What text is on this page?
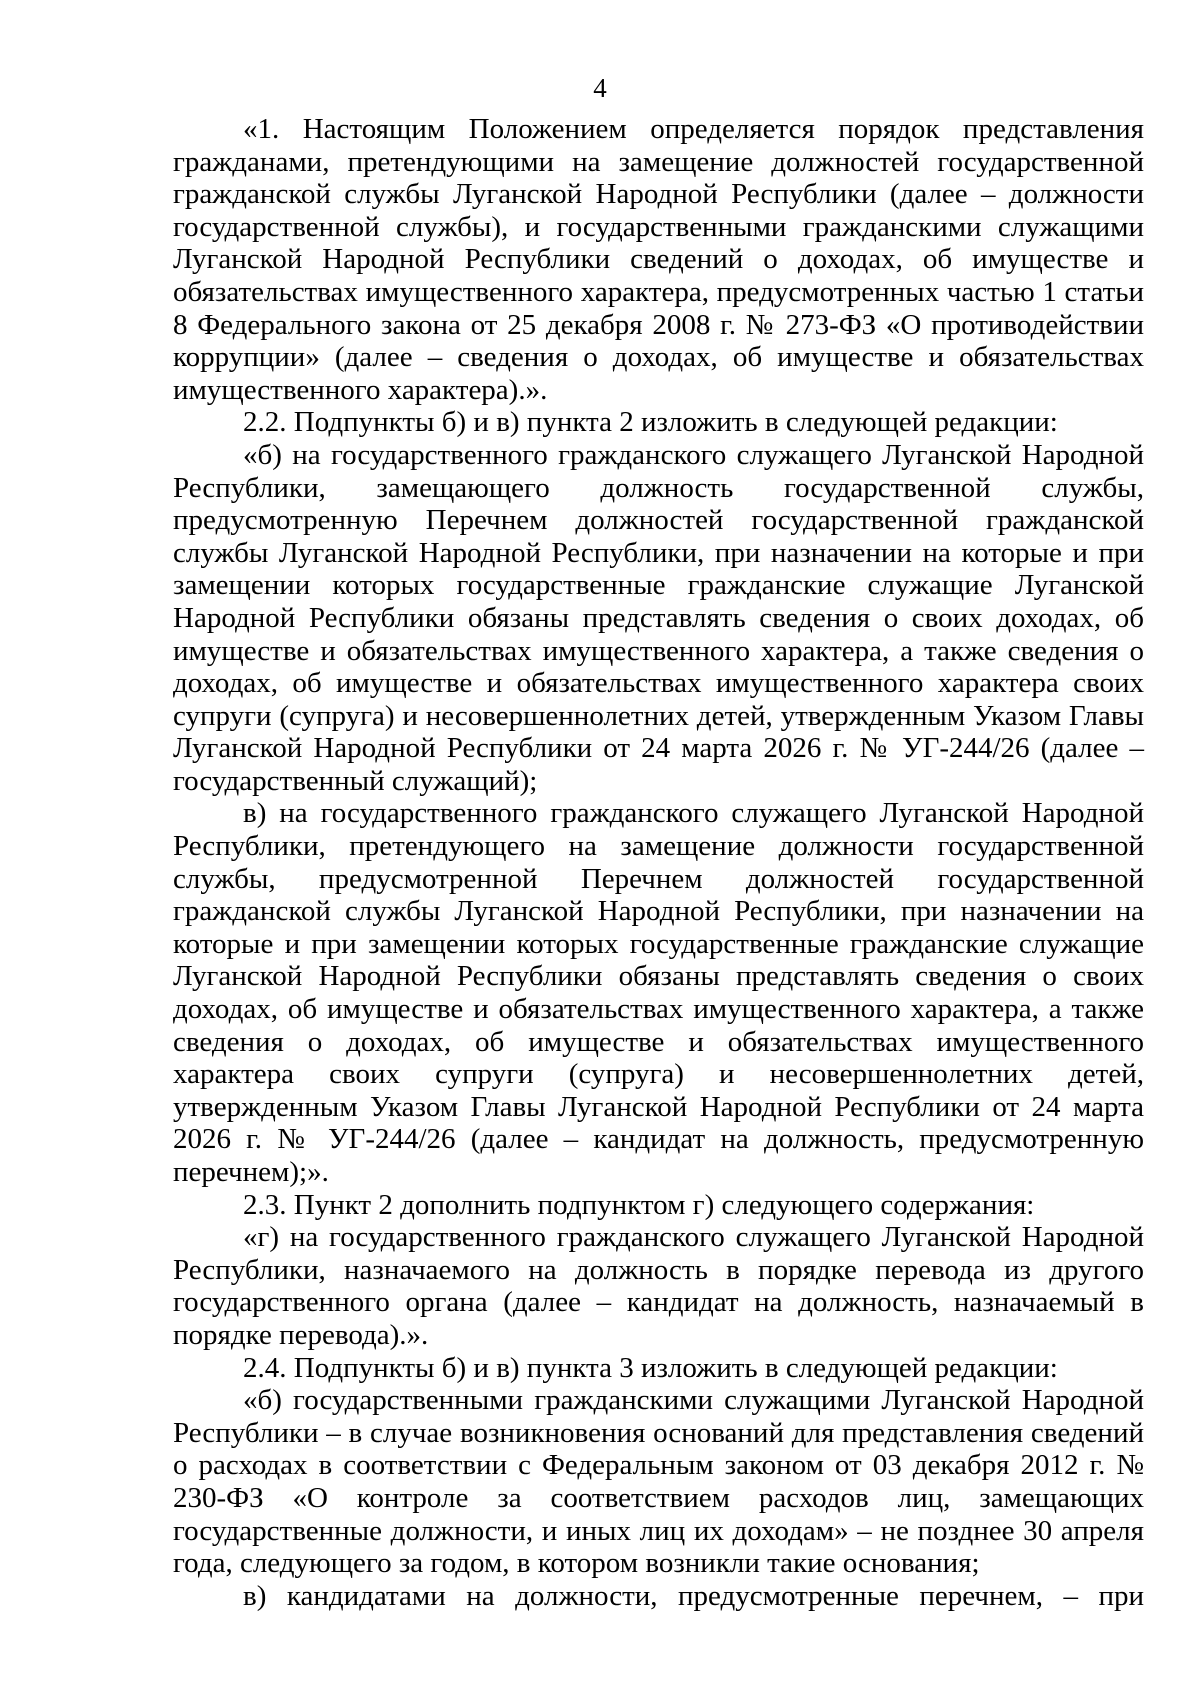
4

«1. Настоящим Положением определяется порядок представления гражданами, претендующими на замещение должностей государственной гражданской службы Луганской Народной Республики (далее – должности государственной службы), и государственными гражданскими служащими Луганской Народной Республики сведений о доходах, об имуществе и обязательствах имущественного характера, предусмотренных частью 1 статьи 8 Федерального закона от 25 декабря 2008 г. № 273-ФЗ «О противодействии коррупции» (далее – сведения о доходах, об имуществе и обязательствах имущественного характера).».

2.2. Подпункты б) и в) пункта 2 изложить в следующей редакции:

«б) на государственного гражданского служащего Луганской Народной Республики, замещающего должность государственной службы, предусмотренную Перечнем должностей государственной гражданской службы Луганской Народной Республики, при назначении на которые и при замещении которых государственные гражданские служащие Луганской Народной Республики обязаны представлять сведения о своих доходах, об имуществе и обязательствах имущественного характера, а также сведения о доходах, об имуществе и обязательствах имущественного характера своих супруги (супруга) и несовершеннолетних детей, утвержденным Указом Главы Луганской Народной Республики от 24 марта 2026 г. № УГ-244/26 (далее – государственный служащий);

в) на государственного гражданского служащего Луганской Народной Республики, претендующего на замещение должности государственной службы, предусмотренной Перечнем должностей государственной гражданской службы Луганской Народной Республики, при назначении на которые и при замещении которых государственные гражданские служащие Луганской Народной Республики обязаны представлять сведения о своих доходах, об имуществе и обязательствах имущественного характера, а также сведения о доходах, об имуществе и обязательствах имущественного характера своих супруги (супруга) и несовершеннолетних детей, утвержденным Указом Главы Луганской Народной Республики от 24 марта 2026 г. № УГ-244/26 (далее – кандидат на должность, предусмотренную перечнем);».

2.3. Пункт 2 дополнить подпунктом г) следующего содержания:

«г) на государственного гражданского служащего Луганской Народной Республики, назначаемого на должность в порядке перевода из другого государственного органа (далее – кандидат на должность, назначаемый в порядке перевода).».

2.4. Подпункты б) и в) пункта 3 изложить в следующей редакции:

«б) государственными гражданскими служащими Луганской Народной Республики – в случае возникновения оснований для представления сведений о расходах в соответствии с Федеральным законом от 03 декабря 2012 г. № 230-ФЗ «О контроле за соответствием расходов лиц, замещающих государственные должности, и иных лиц их доходам» – не позднее 30 апреля года, следующего за годом, в котором возникли такие основания;

в) кандидатами на должности, предусмотренные перечнем, – при
